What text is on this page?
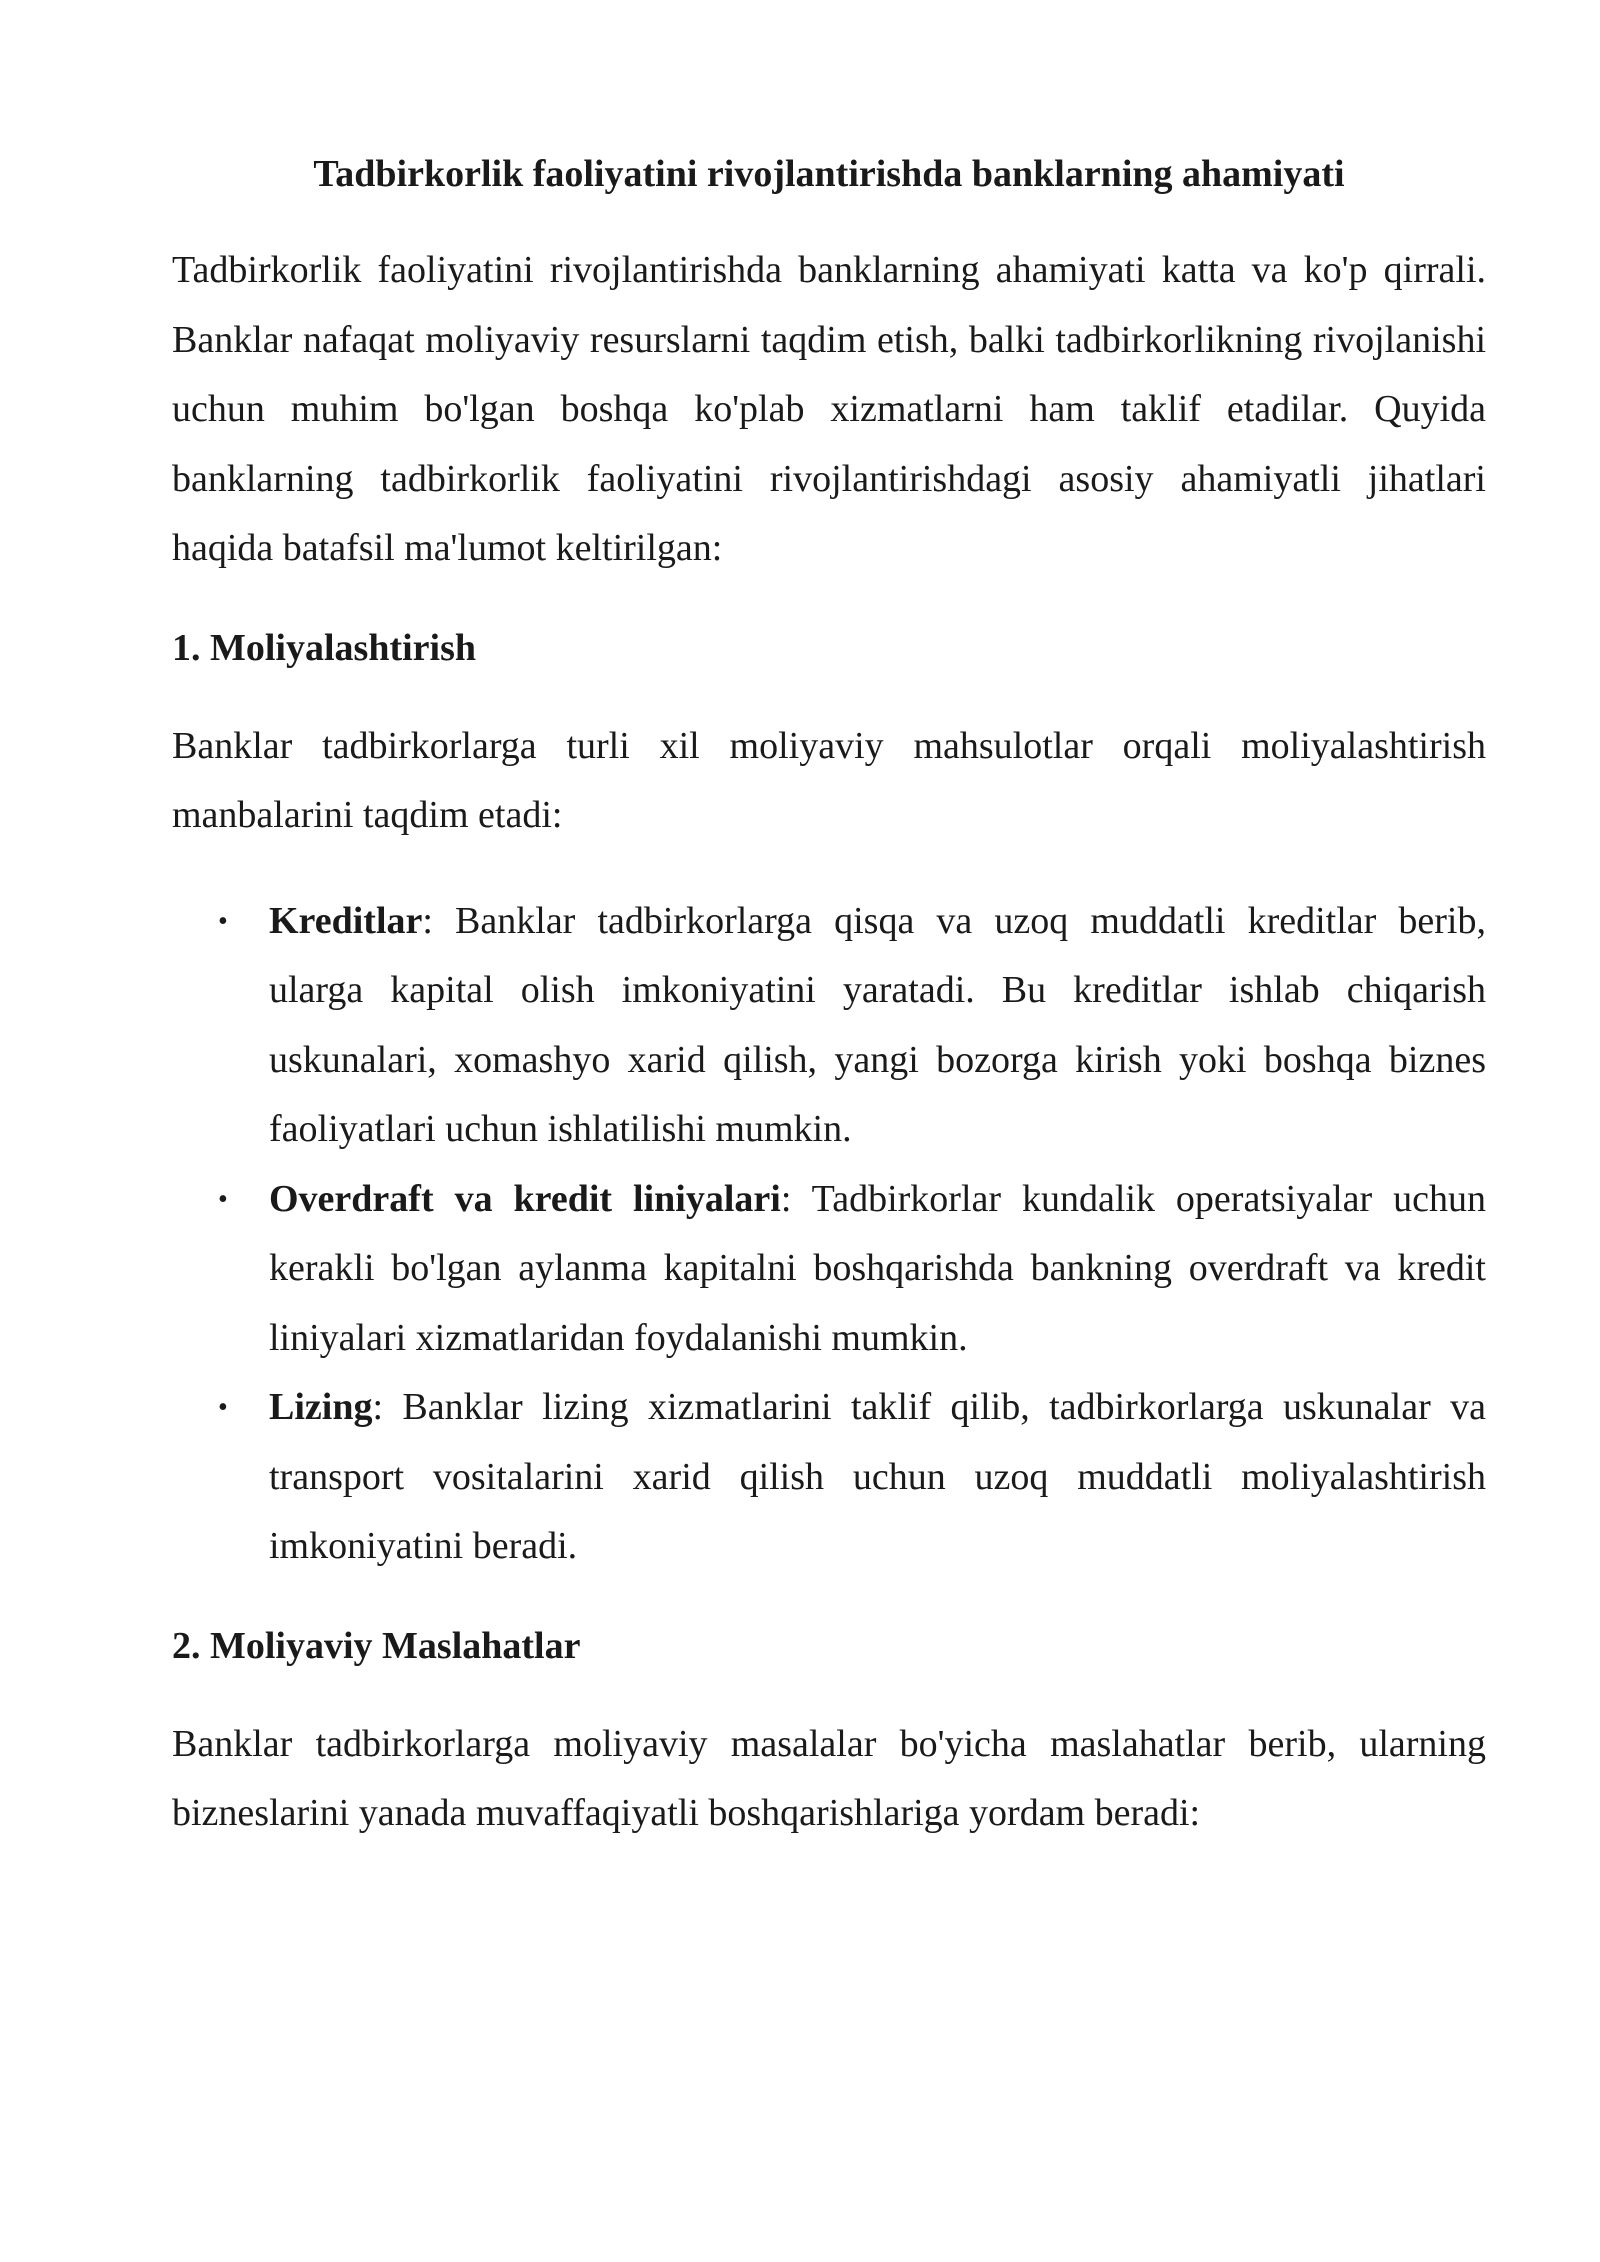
Tadbirkorlik faoliyatini rivojlantirishda banklarning ahamiyati

Tadbirkorlik faoliyatini rivojlantirishda banklarning ahamiyati katta va ko'p qirrali. Banklar nafaqat moliyaviy resurslarni taqdim etish, balki tadbirkorlikning rivojlanishi uchun muhim bo'lgan boshqa ko'plab xizmatlarni ham taklif etadilar. Quyida banklarning tadbirkorlik faoliyatini rivojlantirishdagi asosiy ahamiyatli jihatlari haqida batafsil ma'lumot keltirilgan:

1. Moliyalashtirish

Banklar tadbirkorlarga turli xil moliyaviy mahsulotlar orqali moliyalashtirish manbalarini taqdim etadi:

• Kreditlar: Banklar tadbirkorlarga qisqa va uzoq muddatli kreditlar berib, ularga kapital olish imkoniyatini yaratadi. Bu kreditlar ishlab chiqarish uskunalari, xomashyo xarid qilish, yangi bozorga kirish yoki boshqa biznes faoliyatlari uchun ishlatilishi mumkin.
• Overdraft va kredit liniyalari: Tadbirkorlar kundalik operatsiyalar uchun kerakli bo'lgan aylanma kapitalni boshqarishda bankning overdraft va kredit liniyalari xizmatlaridan foydalanishi mumkin.
• Lizing: Banklar lizing xizmatlarini taklif qilib, tadbirkorlarga uskunalar va transport vositalarini xarid qilish uchun uzoq muddatli moliyalashtirish imkoniyatini beradi.
2. Moliyaviy Maslahatlar

Banklar tadbirkorlarga moliyaviy masalalar bo'yicha maslahatlar berib, ularning bizneslarini yanada muvaffaqiyatli boshqarishlariga yordam beradi:
